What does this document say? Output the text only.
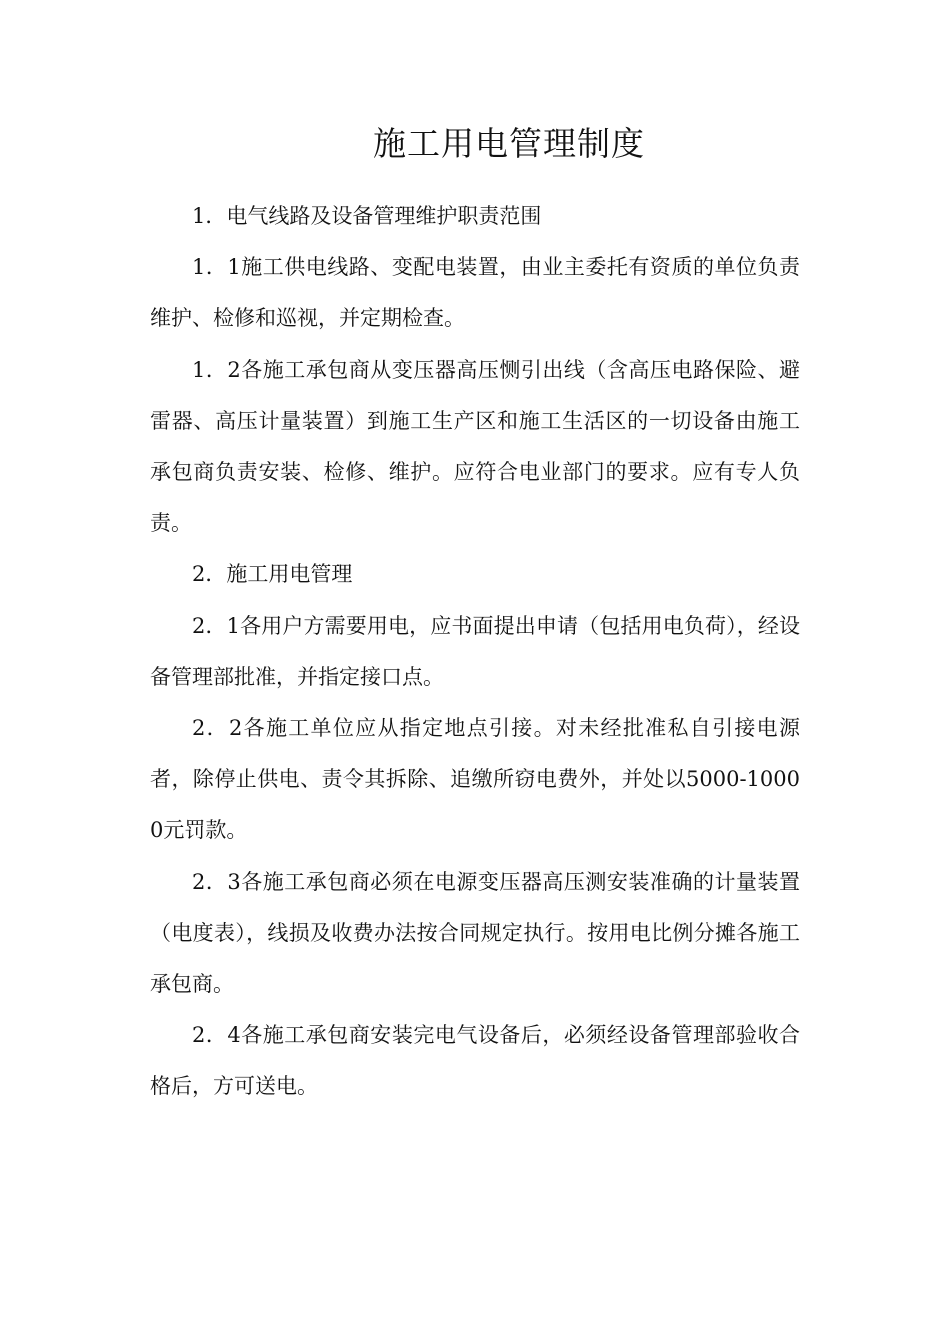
施工用电管理制度

1．电气线路及设备管理维护职责范围

1．1施工供电线路、变配电装置，由业主委托有资质的单位负责维护、检修和巡视，并定期检查。

1．2各施工承包商从变压器高压恻引出线（含高压电路保险、避雷器、高压计量装置）到施工生产区和施工生活区的一切设备由施工承包商负责安装、检修、维护。应符合电业部门的要求。应有专人负责。

2．施工用电管理

2．1各用户方需要用电，应书面提出申请（包括用电负荷），经设备管理部批准，并指定接口点。

2．2各施工单位应从指定地点引接。对未经批准私自引接电源者，除停止供电、责令其拆除、追缴所窃电费外，并处以5000-10000元罚款。

2．3各施工承包商必须在电源变压器高压测安装准确的计量装置（电度表），线损及收费办法按合同规定执行。按用电比例分摊各施工承包商。

2．4各施工承包商安装完电气设备后，必须经设备管理部验收合格后，方可送电。
